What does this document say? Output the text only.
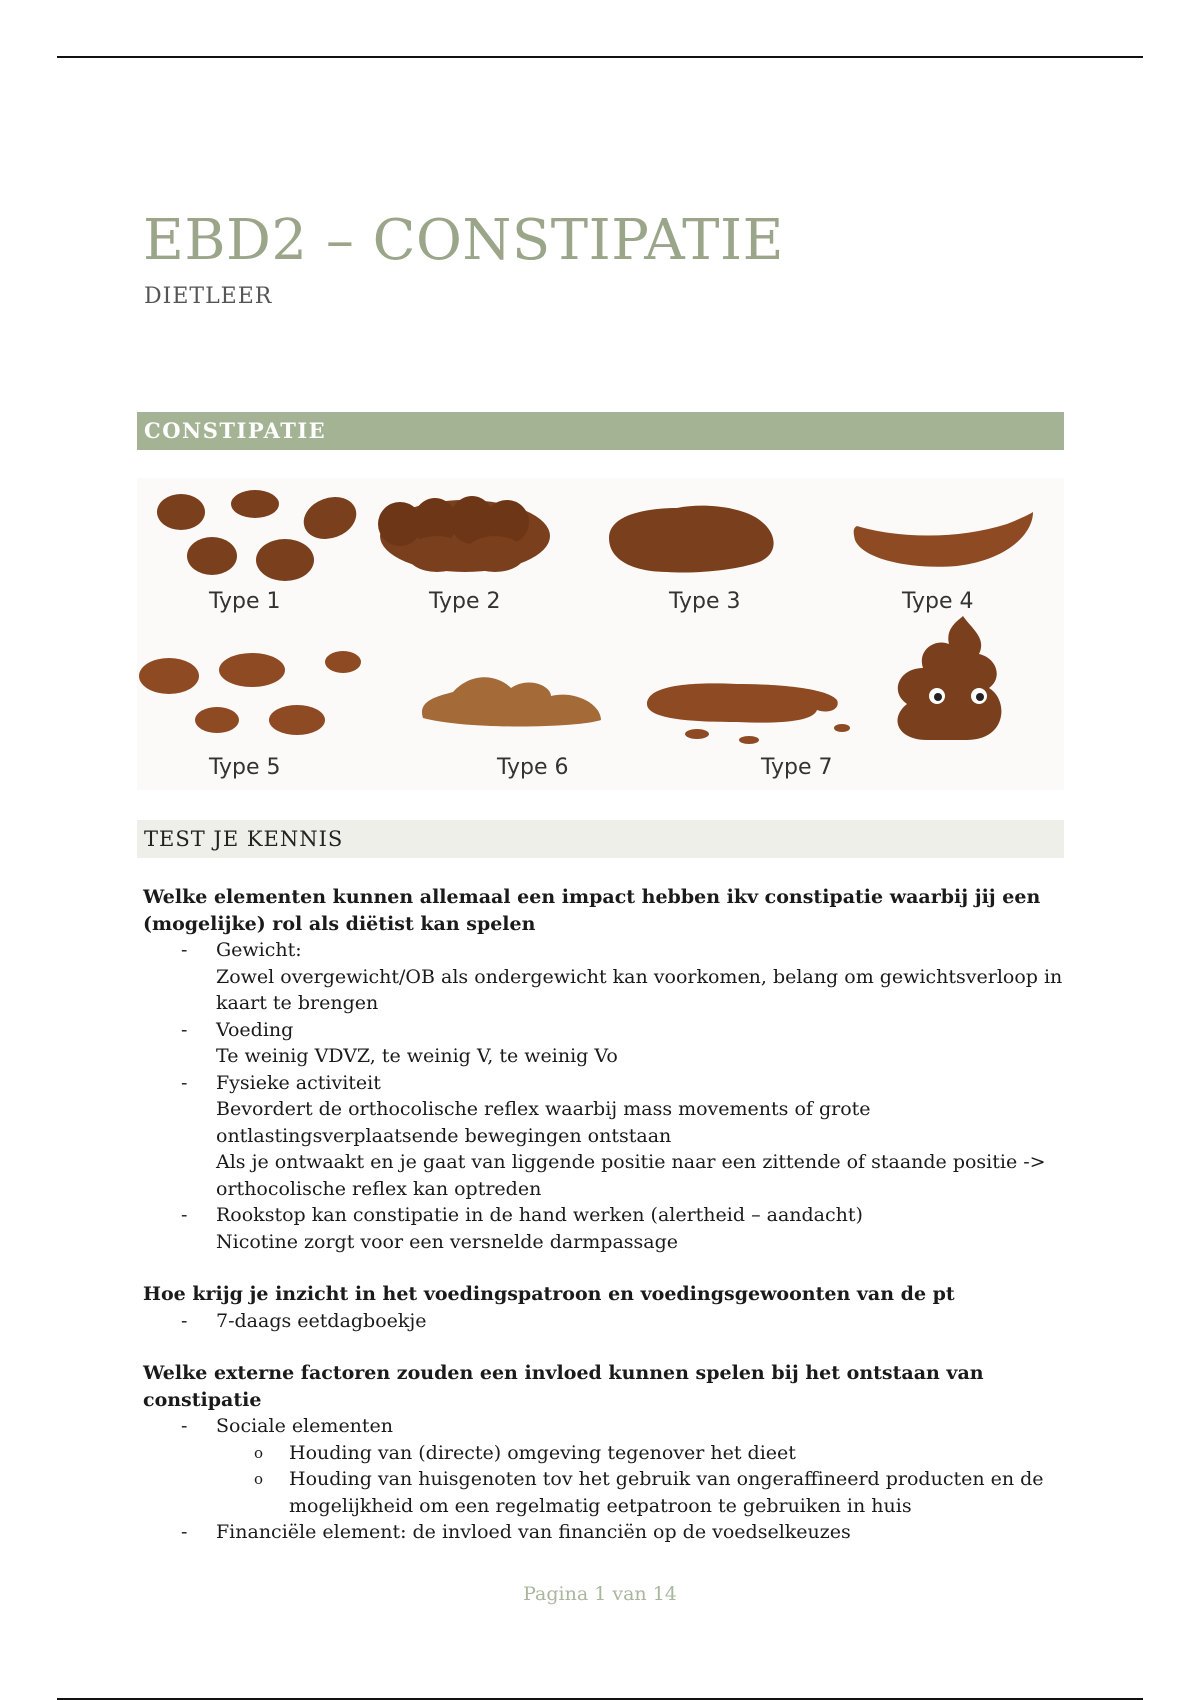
EBD2 – CONSTIPATIE
DIETLEER
CONSTIPATIE
Type 1	Type 2	Type 3	Type 4
Type 5	Type 6	Type 7
TEST JE KENNIS

Welke elementen kunnen allemaal een impact hebben ikv constipatie waarbij jij een (mogelijke) rol als diëtist kan spelen

- Gewicht:
Zowel overgewicht/OB als ondergewicht kan voorkomen, belang om gewichtsverloop in kaart te brengen
- Voeding
Te weinig VDVZ, te weinig V, te weinig Vo
- Fysieke activiteit
Bevordert de orthocolische reflex waarbij mass movements of grote ontlastingsverplaatsende bewegingen ontstaan
Als je ontwaakt en je gaat van liggende positie naar een zittende of staande positie -> orthocolische reflex kan optreden
- Rookstop kan constipatie in de hand werken (alertheid – aandacht)
Nicotine zorgt voor een versnelde darmpassage

Hoe krijg je inzicht in het voedingspatroon en voedingsgewoonten van de pt

- 7-daags eetdagboekje

Welke externe factoren zouden een invloed kunnen spelen bij het ontstaan van constipatie

- Sociale elementen
o Houding van (directe) omgeving tegenover het dieet
o Houding van huisgenoten tov het gebruik van ongeraffineerd producten en de mogelijkheid om een regelmatig eetpatroon te gebruiken in huis
- Financiële element: de invloed van financiën op de voedselkeuzes
Pagina 1 van 14
